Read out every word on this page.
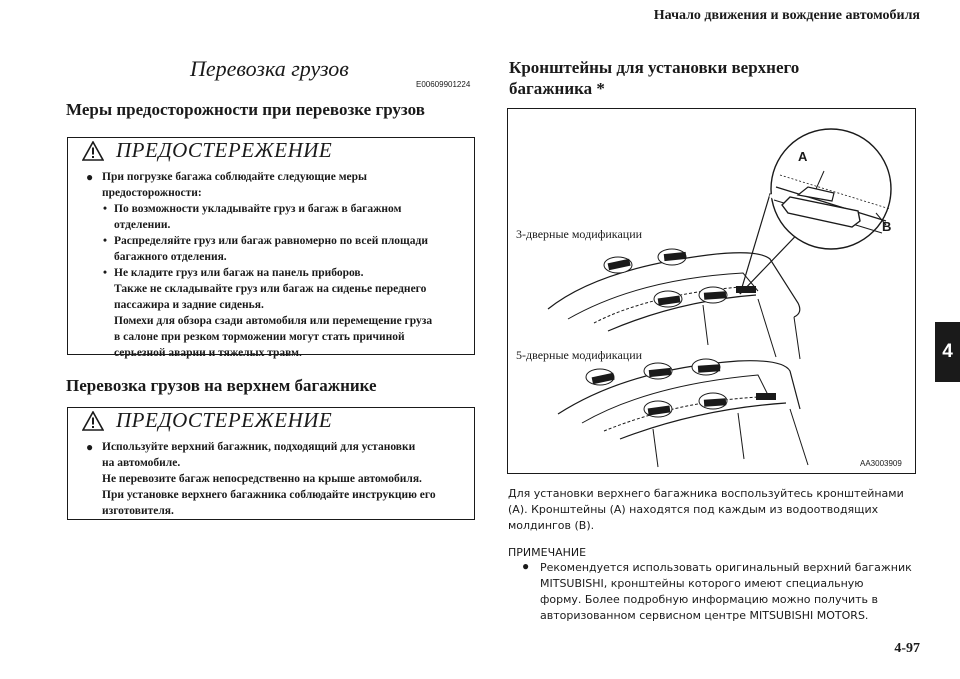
Начало движения и вождение автомобиля
4
Перевозка грузов
E00609901224
Меры предосторожности при перевозке грузов
ПРЕДОСТЕРЕЖЕНИЕ
● При погрузке багажа соблюдайте следующие меры
предосторожности:
• По возможности укладывайте груз и багаж в багажном
отделении.
• Распределяйте груз или багаж равномерно по всей площади
багажного отделения.
• Не кладите груз или багаж на панель приборов.
Также не складывайте груз или багаж на сиденье переднего
пассажира и задние сиденья.
Помехи для обзора сзади автомобиля или перемещение груза
в салоне при резком торможении могут стать причиной
серьезной аварии и тяжелых травм.
Перевозка грузов на верхнем багажнике
ПРЕДОСТЕРЕЖЕНИЕ
● Используйте верхний багажник, подходящий для установки
на автомобиле.
Не перевозите багаж непосредственно на крыше автомобиля.
При установке верхнего багажника соблюдайте инструкцию его
изготовителя.
Кронштейны для установки верхнего
багажника *
A
B
3-дверные модификации
5-дверные модификации
AA3003909
Для установки верхнего багажника воспользуйтесь кронштейнами
(A). Кронштейны (A) находятся под каждым из водоотводящих
молдингов (B).
ПРИМЕЧАНИЕ
● Рекомендуется использовать оригинальный верхний багажник
MITSUBISHI, кронштейны которого имеют специальную
форму. Более подробную информацию можно получить в
авторизованном сервисном центре MITSUBISHI MOTORS.
4-97
